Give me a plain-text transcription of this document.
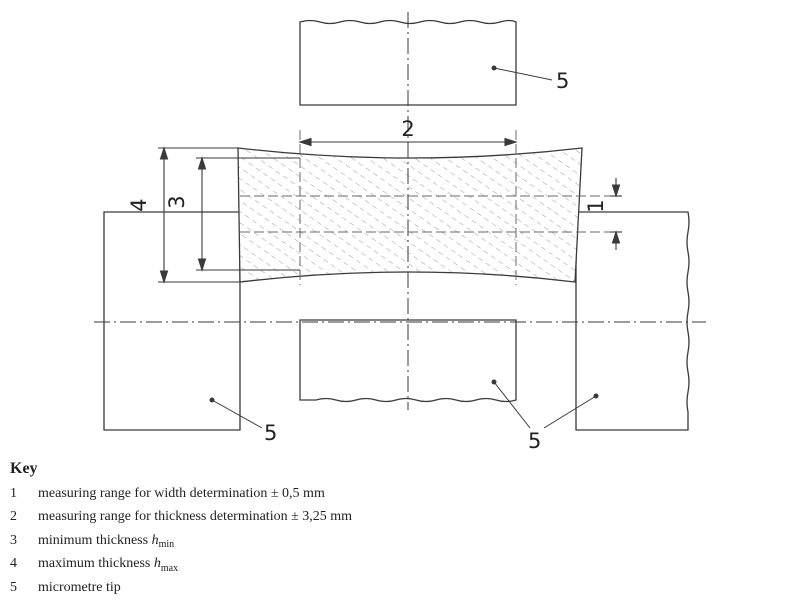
2
4 3	1
5
5	5
Key
1	measuring range for width determination ± 0,5 mm
2	measuring range for thickness determination ± 3,25 mm
3	minimum thickness h min
4	maximum thickness h max
5	micrometre tip
